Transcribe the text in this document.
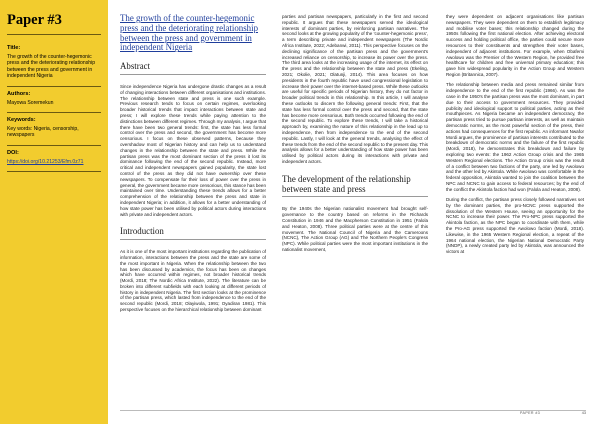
Paper #3

Title:

The growth of the counter-hegemonic press and the deteriorating relationship between the press and government in independent Nigeria

Authors:

Mayowa Soremekun

Keywords:

Key words: Nigeria, censorship, newspapers

DOI:

https://doi.org/10.21253/Efm.0z71

The growth of the counter-hegemonic press and the deteriorating relationship between the press and government in independent Nigeria
Abstract

Since independence Nigeria has undergone drastic changes as a result of changing interactions between different organisations and institutions. The relationship between state and press is one such example. Previous research tends to focus on certain regimes, overlooking broader historical trends that impact interactions between state and press; I will explore these trends while paying attention to the distinctions between different regimes. Through my analysis, I argue that there have been two general trends: first, the state has less formal control over the press and second, the government has become more censorious. I focus on these observed patterns, because they overshadow most of Nigerian history and can help us to understand changes in the relationship between the state and press. While the partisan press was the most dominant section of the press it lost its dominance following the end of the second republic. Instead, more critical and independent newspapers gained popularity, the state lost control of the press as they did not have ownership over these newspapers. To compensate for their loss of power over the press in general, the government became more censorious, this stance has been maintained over time. Understanding these trends allows for a better comprehension of the relationship between the press and state in independent Nigeria; in addition, it allows for a better understanding of how state power has been utilised by political actors during interactions with private and independent actors.

Introduction

As it is one of the most important institutions regarding the publication of information, interactions between the press and the state are some of the most important in Nigeria. When the relationship between the two has been discussed by academics, the focus has been on changes which have occurred within regimes, not broader historical trends (Mordi, 2018; The Nordic Africa Institute, 2022). The literature can be broken into different subfields with each looking at different periods of history in independent Nigeria. The first section looks at the prominence of the partisan press, which lasted from independence to the end of the second republic (Mordi, 2018; Olayiwola, 1991; Oyadiran 1981). This perspective focuses on the hierarchical relationship between dominant

parties and partisan newspapers, particularly in the first and second republic. It argues that these newspapers served the ideological interests of dominant parties, by reinforcing partisan narratives. The second looks at the growing popularity of the 'counter-hegemonic press', a term describing private and independent newspapers (The Nordic Africa Institute, 2022; Adebanwi, 2011). This perspective focuses on the declining significance of the partisan press and the government's increased reliance on censorship, to increase its power over the press. The third area looks at the increasing usage of the internet, its effect on the press and the relationship between the state and press (Ekeling, 2021; Okolie, 2021; Olatunji, 2014). This area focuses on how presidents in the fourth republic have used congressional legislation to increase their power over the internet-based press. While these outlooks are useful for specific periods of Nigerian history, they do not factor in broader political trends in this relationship. In this article, I will analyse these outlooks to discern the following general trends: First, that the state has less formal control over the press and second, that the state has become more censorious. Both trends occurred following the end of the second republic. To explore these trends, I will take a historical approach by, examining the nature of this relationship in the lead up to independence, then from independence to the end of the second republic. Lastly, I will look at the general trends, analysing the effect of these trends from the end of the second republic to the present day. This analysis allows for a better understanding of how state power has been utilised by political actors during its interactions with private and independent actors.

The development of the relationship between state and press

By the 1940s the Nigerian nationalist movement had brought self-governance to the country based on reforms in the Richards Constitution in 1946 and the Macpherson Constitution in 1951 (Falola and Heaton, 2008). Three political parties were at the centre of this movement. The National Council of Nigeria and the Cameroons (NCNC), The Action Group (AG) and The Northern People's Congress (NPC). While political parties were the most important institutions in the nationalist movement,

they were dependent on adjacent organisations like partisan newspapers. They were dependent on them to establish legitimacy and mobilise voter bases; this relationship changed during the 1950s following the first national election. After achieving electoral success and holding political office, the parties could secure more resources to their constituents and strengthen their voter bases, independent of adjacent institutions. For example, when Obafemi Awolowo was the Premier of the Western Region, he provided free healthcare for children and free universal primary education; this gave him widespread popularity in the Action Group and Western Region (Britannica, 2007).

The relationship between media and press remained similar from independence to the end of the first republic (1966). As was the case in the 1950's the partisan press was the most dominant, in part due to their access to government resources. They provided publicity and ideological support to political parties, acting as their mouthpieces. As Nigeria became an independent democracy, the partisan press tried to pursue partisan interests, as well as maintain democratic norms, as the most powerful section of the press, their actions had consequences for the first republic. An informant Nwafor Mordi argues, the prominence of partisan interests contributed to the breakdown of democratic norms and the failure of the first republic (Mordi, 2018), he demonstrates this breakdown and failure by exploring two events: the 1962 Action Group crisis and the 1965 Western Regional elections. The Action Group crisis was the result of a conflict between two factions of the party, one led by Awolowo and the other led by Akintola. While Awolowo was comfortable in the federal opposition, Akintola wanted to join the coalition between the NPC and NCNC to gain access to federal resources; by the end of the conflict the Akintola faction had won (Falola and Heaton, 2008).

During the conflict, the partisan press closely followed narratives set by the dominant parties, the pro-NCNC press supported the dissolution of the Western House, seeing an opportunity for the NCNC to increase their power. The Pro-NPC press supported the Akintola faction, as the NPC began to coordinate with them, while the Pro-AG press supported the Awolowo faction (Mordi, 2018). Likewise, in the 1965 Western Regional election, a repeat of the 1964 national election, the Nigerian National Democratic Party (NNDP), a newly created party led by Akintola, was announced the victors at

PAPER #3	43
